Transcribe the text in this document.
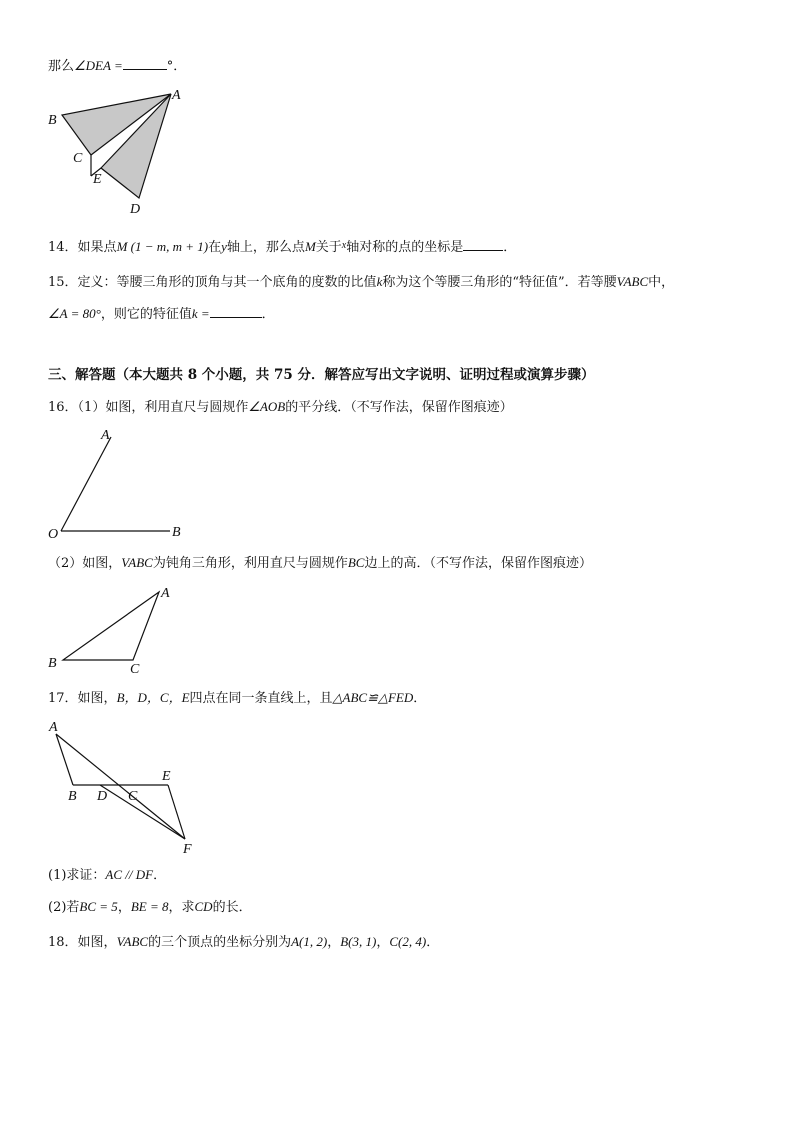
那么∠DEA =	°．
A
B
C
E
D
14．如果点M (1 − m, m + 1)在y轴上，那么点M关于$^x$轴对称的点的坐标是	．
15．定义：等腰三角形的顶角与其一个底角的度数的比值k称为这个等腰三角形的“特征值”．若等腰VABC中，
∠A = 80°，则它的特征值k =	．
三、解答题（本大题共 8 个小题，共 75 分．解答应写出文字说明、证明过程或演算步骤）
16．（1）如图，利用直尺与圆规作∠AOB的平分线．（不写作法，保留作图痕迹）
A
O	B
（2）如图，VABC为钝角三角形，利用直尺与圆规作BC边上的高．（不写作法，保留作图痕迹）
A
B	C
17．如图，B，D，C，E四点在同一条直线上，且△ABC≌△FED．
A
B D C
E
F
(1)求证：AC // DF．
(2)若BC = 5，BE = 8，求CD的长．
18．如图，VABC的三个顶点的坐标分别为A(1, 2)，B(3, 1)，C(2, 4)．
